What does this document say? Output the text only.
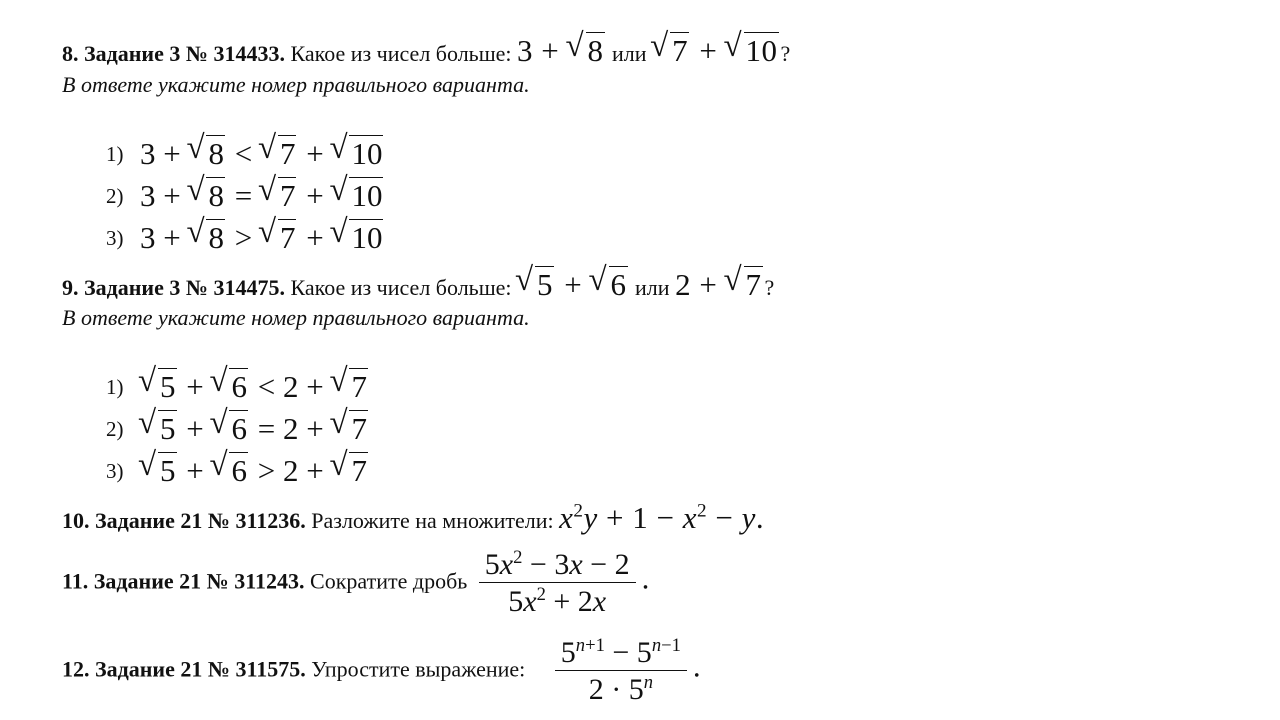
8. Задание 3 № 314433. Какое из чисел больше: 3 + √ 8 или √ 7 + √ 10 ?
В ответе укажите номер правильного варианта.
1) 3 + √ 8 < √ 7 + √ 10
2) 3 + √ 8 = √ 7 + √ 10
3) 3 + √ 8 > √ 7 + √ 10
9. Задание 3 № 314475. Какое из чисел больше: √ 5 + √ 6 или 2 + √ 7 ?
В ответе укажите номер правильного варианта.
1) √ 5 + √ 6 < 2 + √ 7
2) √ 5 + √ 6 = 2 + √ 7
3) √ 5 + √ 6 > 2 + √ 7
10. Задание 21 № 311236. Разложите на множители: $x^2y + 1 - x^2 - y$.
11. Задание 21 № 311243. Сократите дробь $\frac{5x^2 - 3x - 2}{5x^2 + 2x}$ .
12. Задание 21 № 311575. Упростите выражение: $\frac{5^{n+1} - 5^{n-1}}{2 \cdot 5^n}$ .
